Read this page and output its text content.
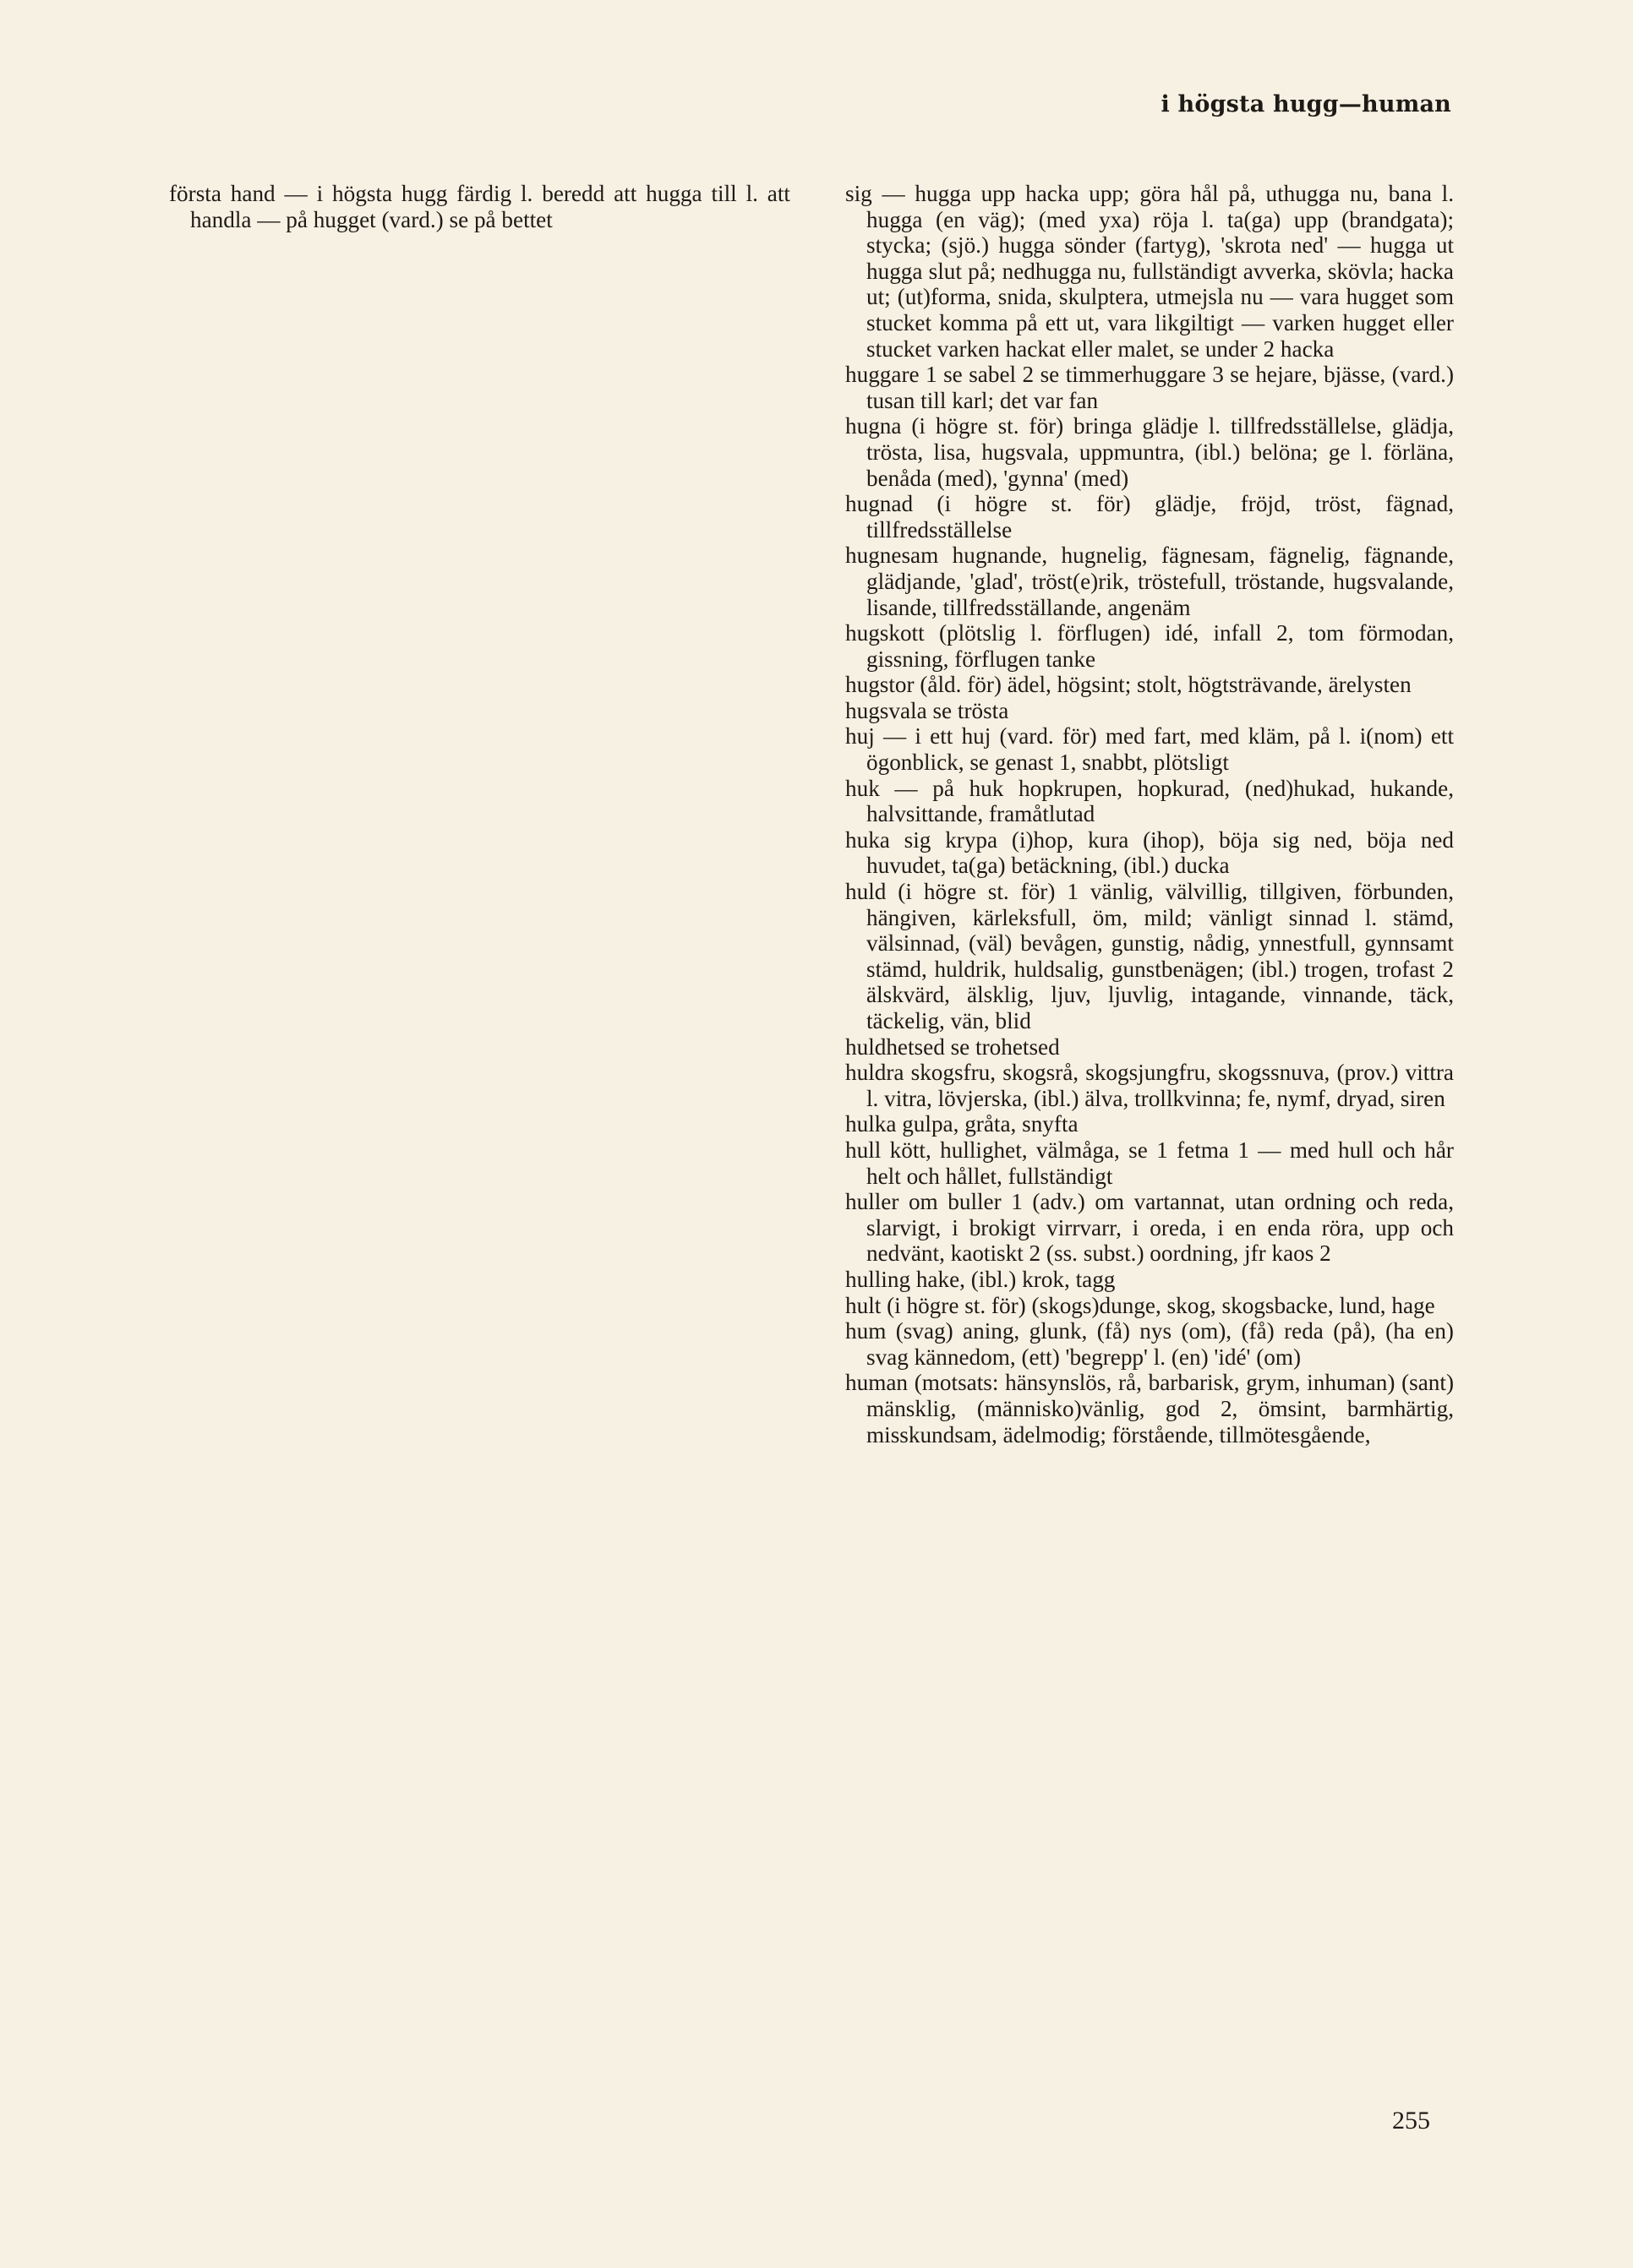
i högsta hugg—human
första hand — i högsta hugg färdig l. beredd att hugga till l. att handla — på hugget (vard.) se på bettet
sig — hugga upp hacka upp; göra hål på, uthugga nu, bana l. hugga (en väg); (med yxa) röja l. ta(ga) upp (brandgata); stycka; (sjö.) hugga sönder (fartyg), 'skrota ned' — hugga ut hugga slut på; nedhugga nu, fullständigt avverka, skövla; hacka ut; (ut)forma, snida, skulptera, utmejsla nu — vara hugget som stucket komma på ett ut, vara likgiltigt — varken hugget eller stucket varken hackat eller malet, se under 2 hacka
huggare 1 se sabel 2 se timmerhuggare 3 se hejare, bjässe, (vard.) tusan till karl; det var fan
hugna (i högre st. för) bringa glädje l. tillfredsställelse, glädja, trösta, lisa, hugsvala, uppmuntra, (ibl.) belöna; ge l. förläna, benåda (med), 'gynna' (med)
hugnad (i högre st. för) glädje, fröjd, tröst, fägnad, tillfredsställelse
hugnesam hugnande, hugnelig, fägnesam, fägnelig, fägnande, glädjande, 'glad', tröst(e)rik, tröstefull, tröstande, hugsvalande, lisande, tillfredsställande, angenäm
hugskott (plötslig l. förflugen) idé, infall 2, tom förmodan, gissning, förflugen tanke
hugstor (åld. för) ädel, högsint; stolt, högtsträvande, ärelysten
hugsvala se trösta
huj — i ett huj (vard. för) med fart, med kläm, på l. i(nom) ett ögonblick, se genast 1, snabbt, plötsligt
huk — på huk hopkrupen, hopkurad, (ned)hukad, hukande, halvsittande, framåtlutad
huka sig krypa (i)hop, kura (ihop), böja sig ned, böja ned huvudet, ta(ga) betäckning, (ibl.) ducka
huld (i högre st. för) 1 vänlig, välvillig, tillgiven, förbunden, hängiven, kärleksfull, öm, mild; vänligt sinnad l. stämd, välsinnad, (väl) bevågen, gunstig, nådig, ynnestfull, gynnsamt stämd, huldrik, huldsalig, gunstbenägen; (ibl.) trogen, trofast 2 älskvärd, älsklig, ljuv, ljuvlig, intagande, vinnande, täck, täckelig, vän, blid
huldhetsed se trohetsed
huldra skogsfru, skogsrå, skogsjungfru, skogssnuva, (prov.) vittra l. vitra, lövjerska, (ibl.) älva, trollkvinna; fe, nymf, dryad, siren
hulka gulpa, gråta, snyfta
hull kött, hullighet, välmåga, se 1 fetma 1 — med hull och hår helt och hållet, fullständigt
huller om buller 1 (adv.) om vartannat, utan ordning och reda, slarvigt, i brokigt virrvarr, i oreda, i en enda röra, upp och nedvänt, kaotiskt 2 (ss. subst.) oordning, jfr kaos 2
hulling hake, (ibl.) krok, tagg
hult (i högre st. för) (skogs)dunge, skog, skogsbacke, lund, hage
hum (svag) aning, glunk, (få) nys (om), (få) reda (på), (ha en) svag kännedom, (ett) 'begrepp' l. (en) 'idé' (om)
human (motsats: hänsynslös, rå, barbarisk, grym, inhuman) (sant) mänsklig, (människo)vänlig, god 2, ömsint, barmhärtig, misskundsam, ädelmodig; förstående, tillmötesgående,
255
